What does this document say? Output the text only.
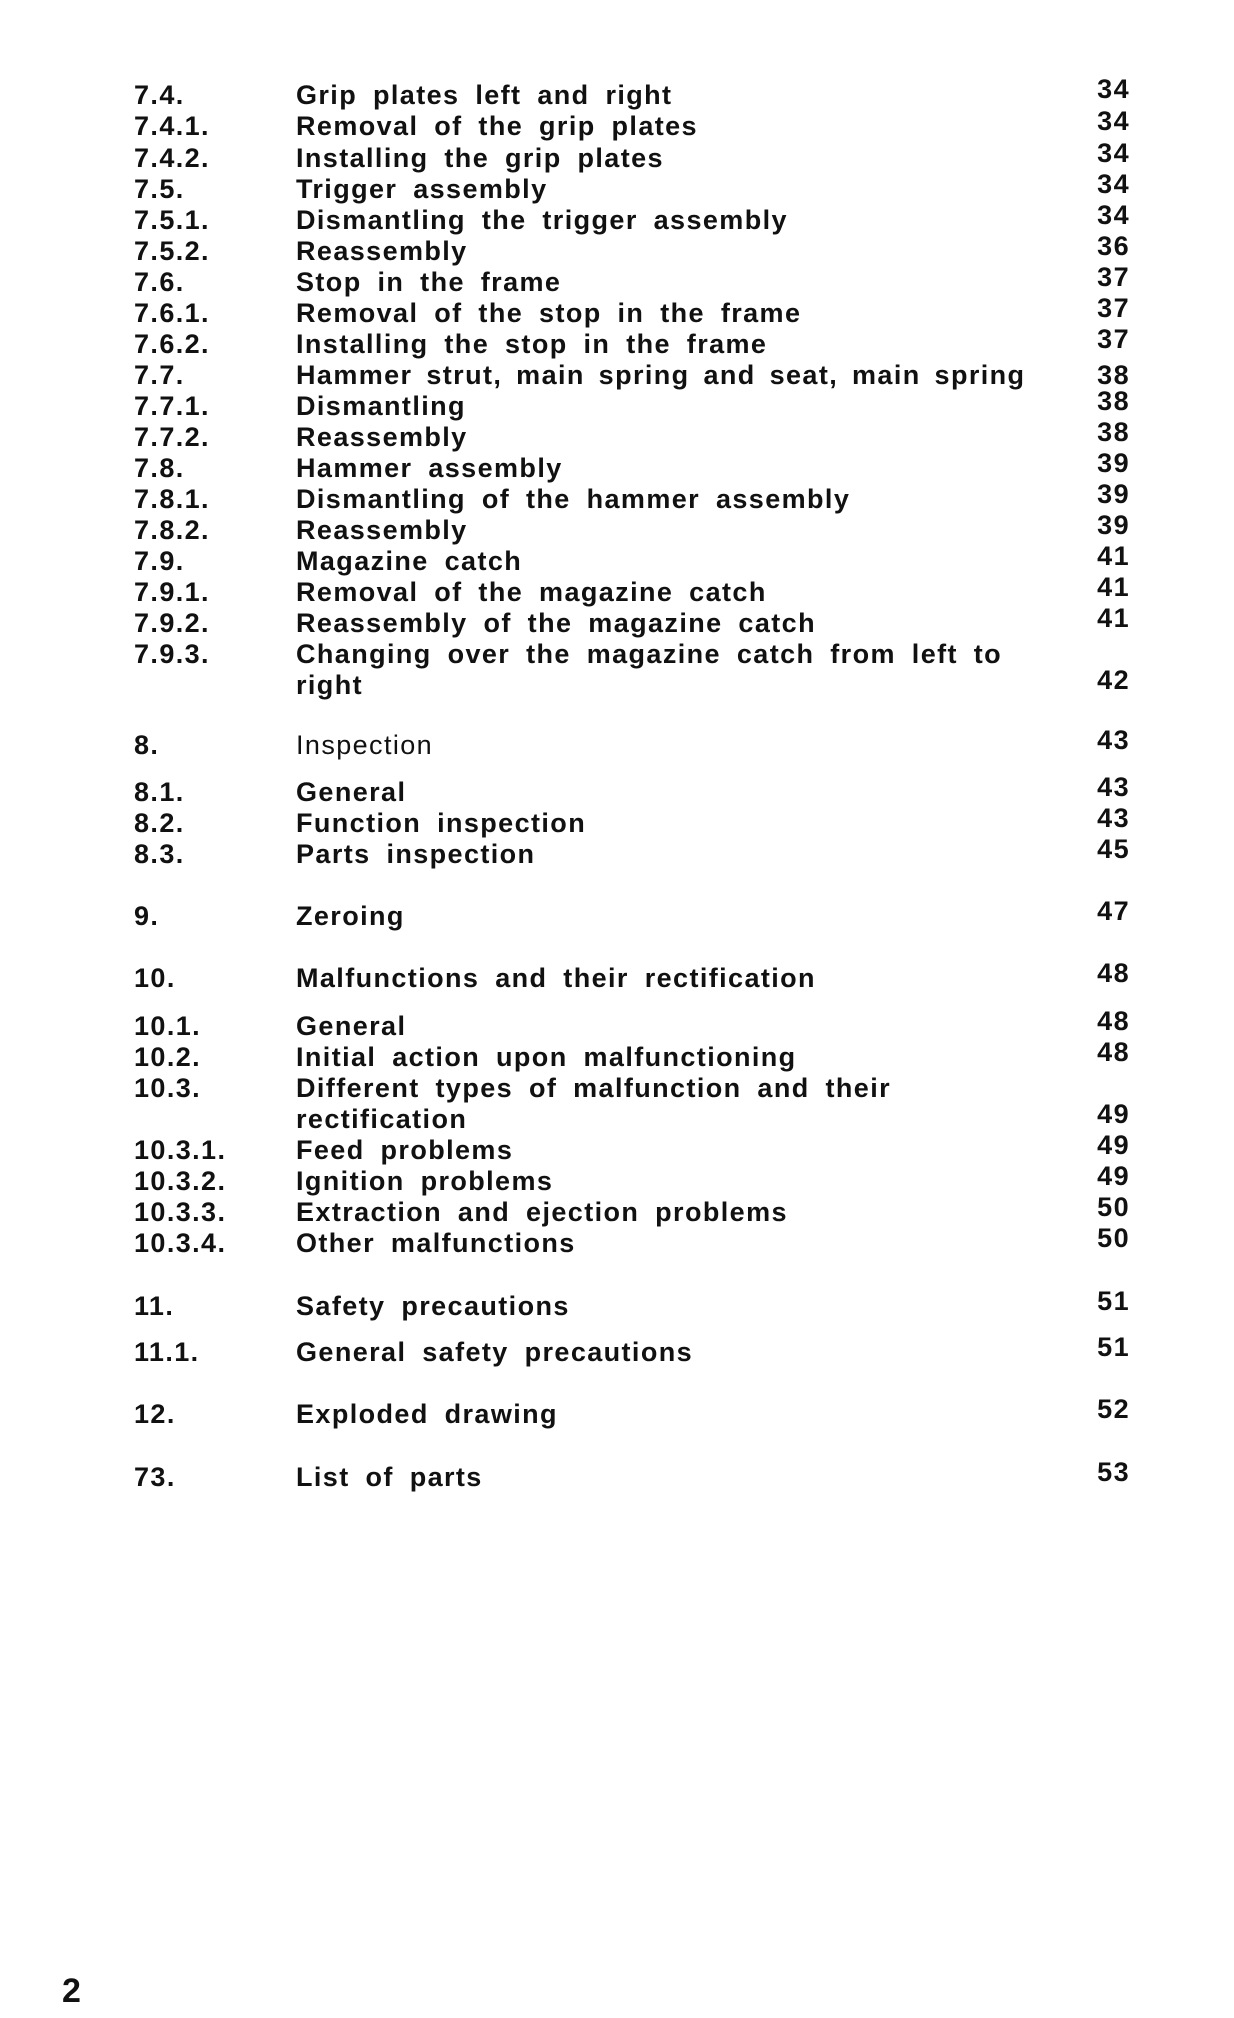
7.4.	Grip plates left and right	34
7.4.1.	Removal of the grip plates	34
7.4.2.	Installing the grip plates	34
7.5.	Trigger assembly	34
7.5.1.	Dismantling the trigger assembly	34
7.5.2.	Reassembly	36
7.6.	Stop in the frame	37
7.6.1.	Removal of the stop in the frame	37
7.6.2.	Installing the stop in the frame	37
7.7.	Hammer strut, main spring and seat, main spring	38
7.7.1.	Dismantling	38
7.7.2.	Reassembly	38
7.8.	Hammer assembly	39
7.8.1.	Dismantling of the hammer assembly	39
7.8.2.	Reassembly	39
7.9.	Magazine catch	41
7.9.1.	Removal of the magazine catch	41
7.9.2.	Reassembly of the magazine catch	41
7.9.3.	Changing over the magazine catch from left to right	42
8.	Inspection	43
8.1.	General	43
8.2.	Function inspection	43
8.3.	Parts inspection	45
9.	Zeroing	47
10.	Malfunctions and their rectification	48
10.1.	General	48
10.2.	Initial action upon malfunctioning	48
10.3.	Different types of malfunction and their rectification	49
10.3.1.	Feed problems	49
10.3.2.	Ignition problems	49
10.3.3.	Extraction and ejection problems	50
10.3.4.	Other malfunctions	50
11.	Safety precautions	51
11.1.	General safety precautions	51
12.	Exploded drawing	52
73.	List of parts	53
2
